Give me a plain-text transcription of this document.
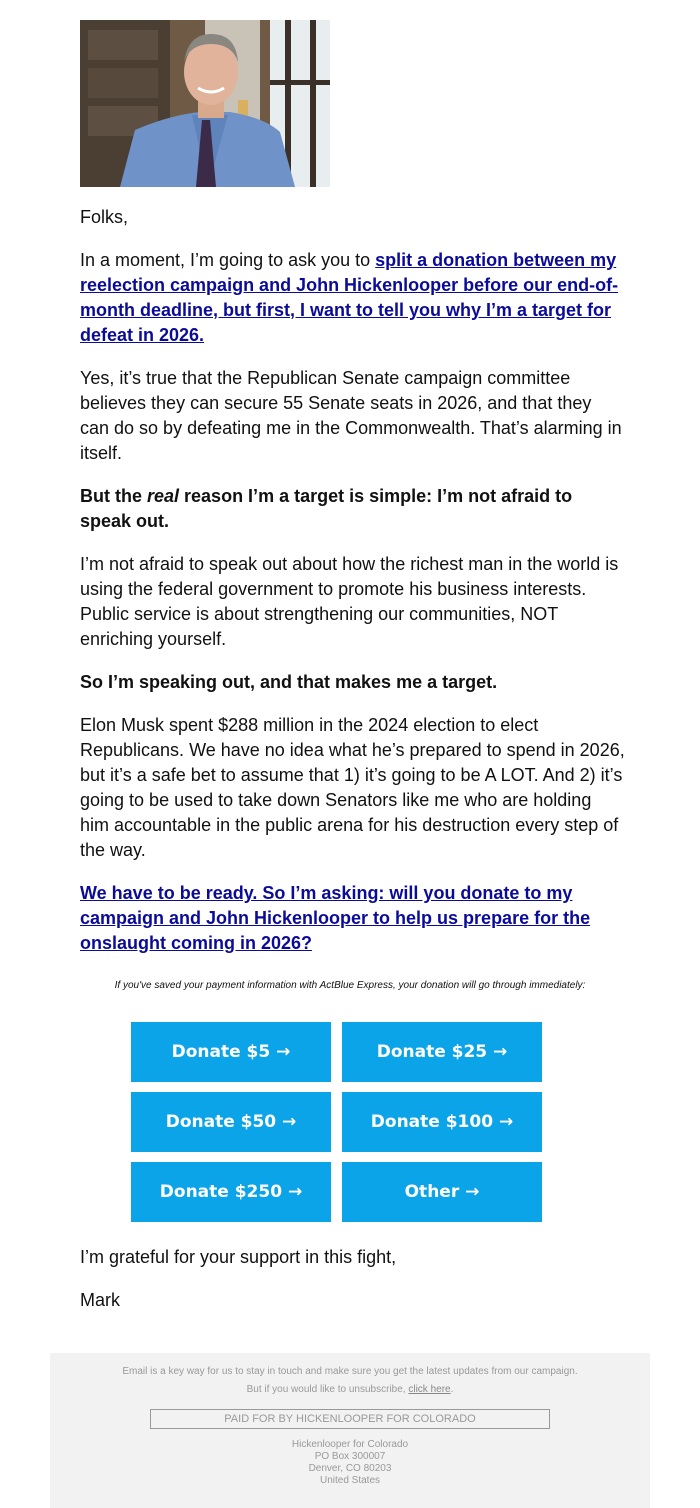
Folks,

In a moment, I’m going to ask you to split a donation between my reelection campaign and John Hickenlooper before our end-of-month deadline, but first, I want to tell you why I’m a target for defeat in 2026.

Yes, it’s true that the Republican Senate campaign committee believes they can secure 55 Senate seats in 2026, and that they can do so by defeating me in the Commonwealth. That’s alarming in itself.

But the real reason I’m a target is simple: I’m not afraid to speak out.

I’m not afraid to speak out about how the richest man in the world is using the federal government to promote his business interests. Public service is about strengthening our communities, NOT enriching yourself.

So I’m speaking out, and that makes me a target.

Elon Musk spent $288 million in the 2024 election to elect Republicans. We have no idea what he’s prepared to spend in 2026, but it’s a safe bet to assume that 1) it’s going to be A LOT. And 2) it’s going to be used to take down Senators like me who are holding him accountable in the public arena for his destruction every step of the way.

We have to be ready. So I’m asking: will you donate to my campaign and John Hickenlooper to help us prepare for the onslaught coming in 2026?

If you've saved your payment information with ActBlue Express, your donation will go through immediately:
Donate $5 →	Donate $25 →
Donate $50 →	Donate $100 →
Donate $250 →	Other →

I’m grateful for your support in this fight,

Mark

Email is a key way for us to stay in touch and make sure you get the latest updates from our campaign.
But if you would like to unsubscribe, click here.
PAID FOR BY HICKENLOOPER FOR COLORADO
Hickenlooper for Colorado
PO Box 300007
Denver, CO 80203
United States
